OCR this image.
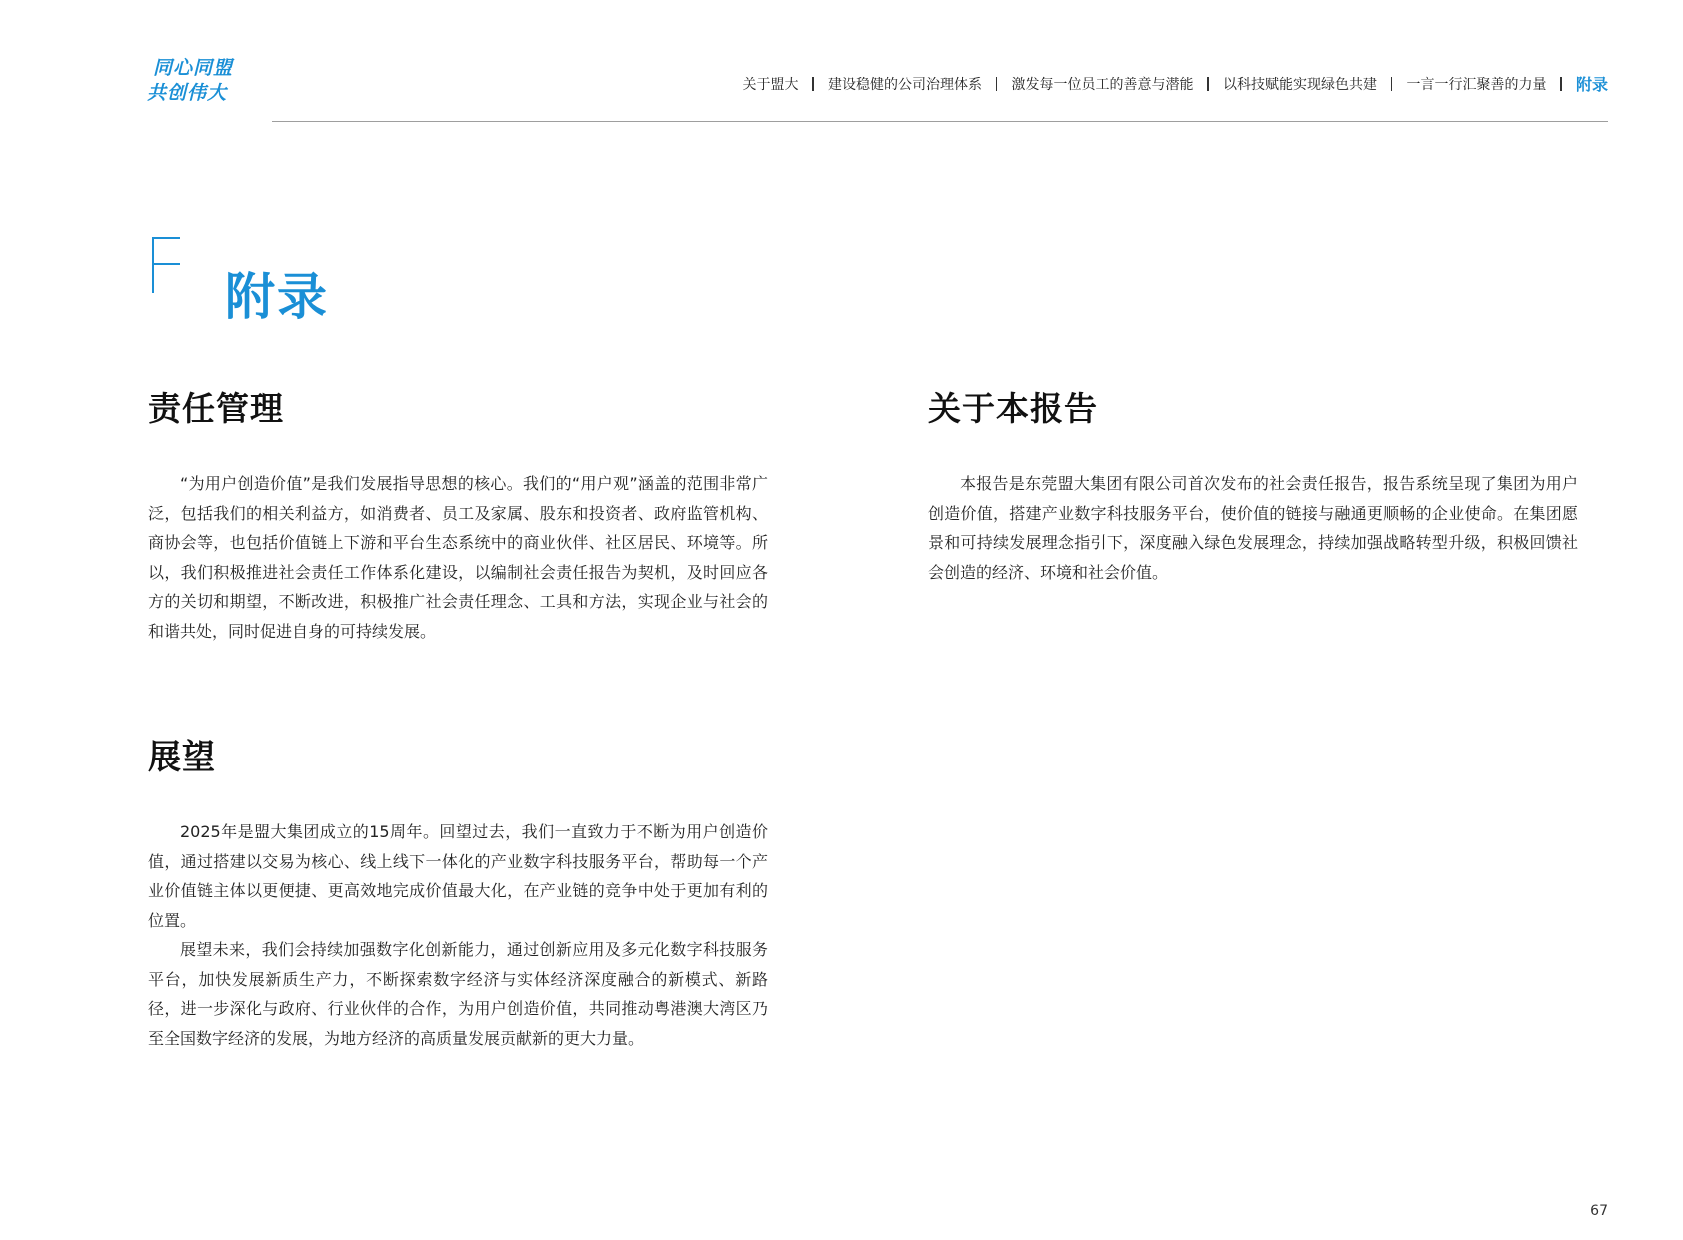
同心同盟
共创伟大	关于盟大 建设稳健的公司治理体系 激发每一位员工的善意与潜能 以科技赋能实现绿色共建 一言一行汇聚善的力量 附录
附录
责任管理

“为用户创造价值”是我们发展指导思想的核心。我们的“用户观”涵盖的范围非常广泛，包括我们的相关利益方，如消费者、员工及家属、股东和投资者、政府监管机构、商协会等，也包括价值链上下游和平台生态系统中的商业伙伴、社区居民、环境等。所以，我们积极推进社会责任工作体系化建设，以编制社会责任报告为契机，及时回应各方的关切和期望，不断改进，积极推广社会责任理念、工具和方法，实现企业与社会的和谐共处，同时促进自身的可持续发展。

展望

2025年是盟大集团成立的15周年。回望过去，我们一直致力于不断为用户创造价值，通过搭建以交易为核心、线上线下一体化的产业数字科技服务平台，帮助每一个产业价值链主体以更便捷、更高效地完成价值最大化，在产业链的竞争中处于更加有利的位置。

展望未来，我们会持续加强数字化创新能力，通过创新应用及多元化数字科技服务平台，加快发展新质生产力，不断探索数字经济与实体经济深度融合的新模式、新路径，进一步深化与政府、行业伙伴的合作，为用户创造价值，共同推动粤港澳大湾区乃至全国数字经济的发展，为地方经济的高质量发展贡献新的更大力量。

关于本报告

本报告是东莞盟大集团有限公司首次发布的社会责任报告，报告系统呈现了集团为用户创造价值，搭建产业数字科技服务平台，使价值的链接与融通更顺畅的企业使命。在集团愿景和可持续发展理念指引下，深度融入绿色发展理念，持续加强战略转型升级，积极回馈社会创造的经济、环境和社会价值。

67
